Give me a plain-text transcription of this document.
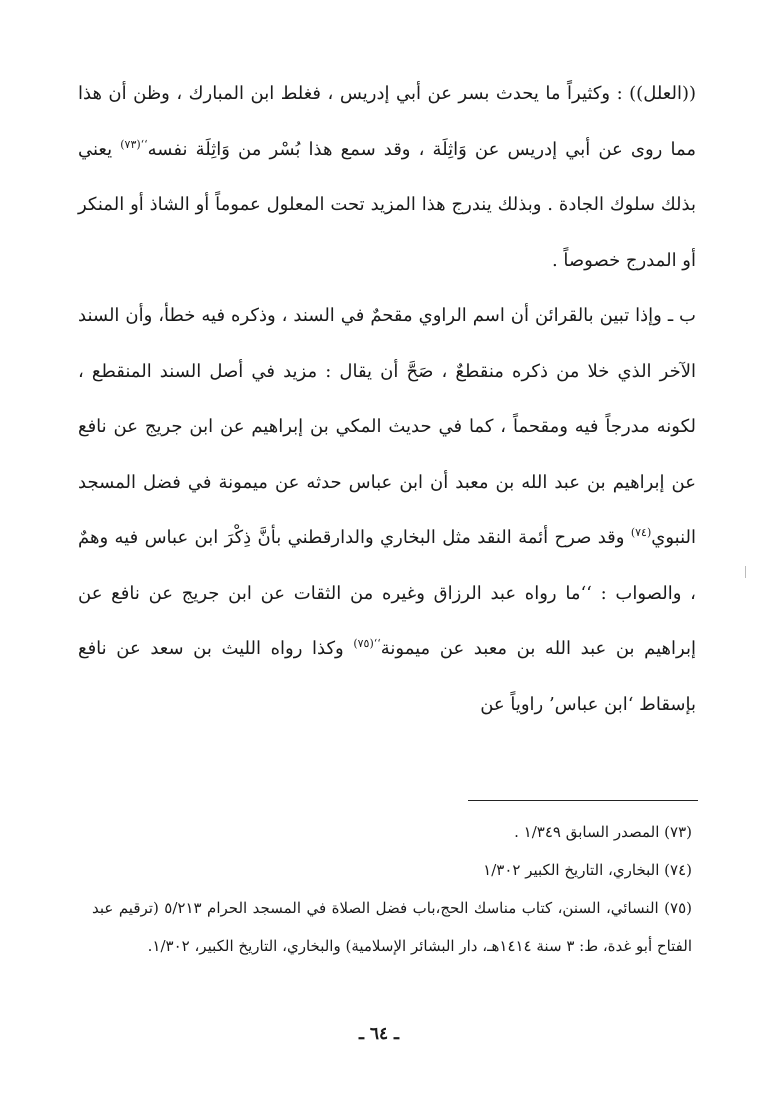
((العلل)) : وكثيراً ما يحدث بسر عن أبي إدريس ، فغلط ابن المبارك ، وظن أن هذا مما روى عن أبي إدريس عن وَاثِلَة ، وقد سمع هذا بُسْر من وَاثِلَة نفسه$^{‘‘(٧٣)}$ يعني بذلك سلوك الجادة . وبذلك يندرج هذا المزيد تحت المعلول عموماً أو الشاذ أو المنكر أو المدرج خصوصاً .

ب ـ وإذا تبين بالقرائن أن اسم الراوي مقحمٌ في السند ، وذكره فيه خطأ، وأن السند الآخر الذي خلا من ذكره منقطعٌ ، صَحَّ أن يقال : مزيد في أصل السند المنقطع ، لكونه مدرجاً فيه ومقحماً ، كما في حديث المكي بن إبراهيم عن ابن جريج عن نافع عن إبراهيم بن عبد الله بن معبد أن ابن عباس حدثه عن ميمونة في فضل المسجد النبوي$^{(٧٤)}$ وقد صرح أئمة النقد مثل البخاري والدارقطني بأنَّ ذِكْرَ ابن عباس فيه وهمٌ ، والصواب : ‘‘ما رواه عبد الرزاق وغيره من الثقات عن ابن جريج عن نافع عن إبراهيم بن عبد الله بن معبد عن ميمونة$^{‘‘(٧٥)}$ وكذا رواه الليث بن سعد عن نافع بإسقاط ‘ابن عباس’ راوياً عن

(٧٣) المصدر السابق ١/٣٤٩ .

(٧٤) البخاري، التاريخ الكبير ١/٣٠٢

(٧٥) النسائي، السنن، كتاب مناسك الحج،باب فضل الصلاة في المسجد الحرام ٥/٢١٣ (ترقيم عبد الفتاح أبو غدة، ط: ٣ سنة ١٤١٤هـ، دار البشائر الإسلامية) والبخاري، التاريخ الكبير، ١/٣٠٢.

ـ ٦٤ ـ
